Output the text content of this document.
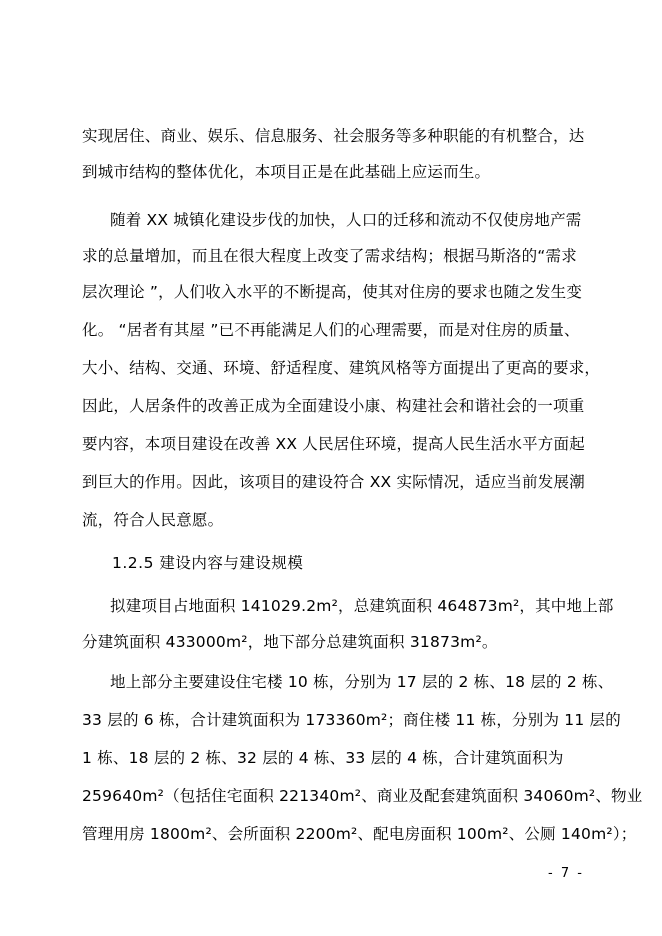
实现居住、商业、娱乐、信息服务、社会服务等多种职能的有机整合，达
到城市结构的整体优化，本项目正是在此基础上应运而生。
随着 XX 城镇化建设步伐的加快，人口的迁移和流动不仅使房地产需
求的总量增加，而且在很大程度上改变了需求结构；根据马斯洛的“需求
层次理论 ”，人们收入水平的不断提高，使其对住房的要求也随之发生变
化。 “居者有其屋 ”已不再能满足人们的心理需要，而是对住房的质量、
大小、结构、交通、环境、舒适程度、建筑风格等方面提出了更高的要求，
因此，人居条件的改善正成为全面建设小康、构建社会和谐社会的一项重
要内容，本项目建设在改善 XX 人民居住环境，提高人民生活水平方面起
到巨大的作用。因此，该项目的建设符合 XX 实际情况，适应当前发展潮
流，符合人民意愿。
1.2.5 建设内容与建设规模
拟建项目占地面积 141029.2m²，总建筑面积 464873m²，其中地上部
分建筑面积 433000m²，地下部分总建筑面积 31873m²。
地上部分主要建设住宅楼 10 栋，分别为 17 层的 2 栋、18 层的 2 栋、
33 层的 6 栋，合计建筑面积为 173360m²；商住楼 11 栋，分别为 11 层的
1 栋、18 层的 2 栋、32 层的 4 栋、33 层的 4 栋，合计建筑面积为
259640m²（包括住宅面积 221340m²、商业及配套建筑面积 34060m²、物业
管理用房 1800m²、会所面积 2200m²、配电房面积 100m²、公厕 140m²）；
- 7 -
